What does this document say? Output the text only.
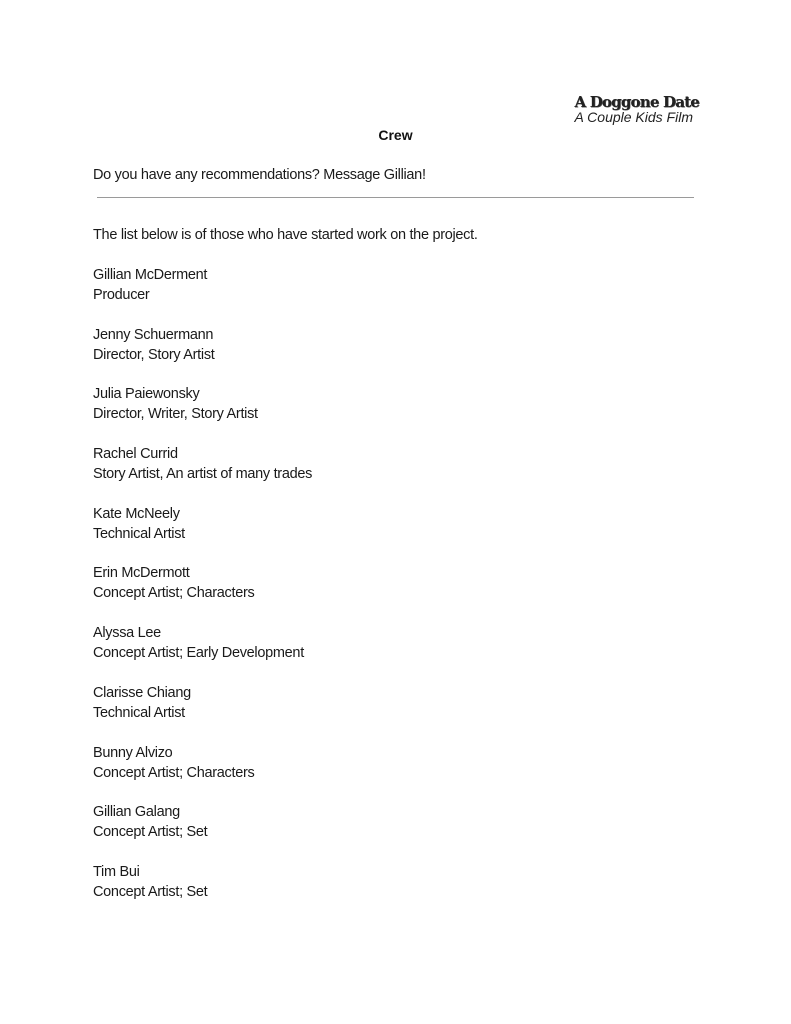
A Doggone Date
A Couple Kids Film
Crew

Do you have any recommendations? Message Gillian!

The list below is of those who have started work on the project.

Gillian McDerment
Producer
Jenny Schuermann
Director, Story Artist
Julia Paiewonsky
Director, Writer, Story Artist
Rachel Currid
Story Artist, An artist of many trades
Kate McNeely
Technical Artist
Erin McDermott
Concept Artist; Characters
Alyssa Lee
Concept Artist; Early Development
Clarisse Chiang
Technical Artist
Bunny Alvizo
Concept Artist; Characters
Gillian Galang
Concept Artist; Set
Tim Bui
Concept Artist; Set
